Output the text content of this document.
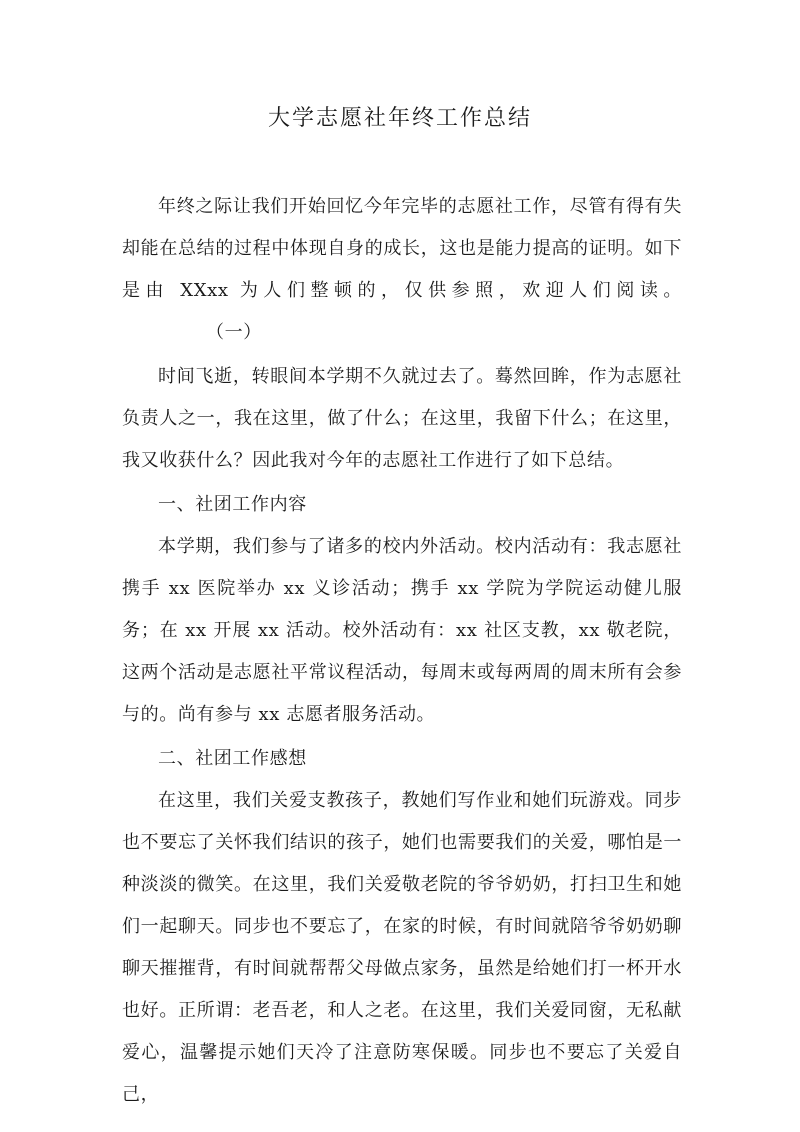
大学志愿社年终工作总结

年终之际让我们开始回忆今年完毕的志愿社工作，尽管有得有失却能在总结的过程中体现自身的成长，这也是能力提高的证明。如下是由 XXxx 为人们整顿的，仅供参照，欢迎人们阅读。（一）

时间飞逝，转眼间本学期不久就过去了。蓦然回眸，作为志愿社负责人之一，我在这里，做了什么；在这里，我留下什么；在这里，我又收获什么？因此我对今年的志愿社工作进行了如下总结。

一、社团工作内容

本学期，我们参与了诸多的校内外活动。校内活动有：我志愿社携手 xx 医院举办 xx 义诊活动；携手 xx 学院为学院运动健儿服务；在 xx 开展 xx 活动。校外活动有：xx 社区支教，xx 敬老院，这两个活动是志愿社平常议程活动，每周末或每两周的周末所有会参与的。尚有参与 xx 志愿者服务活动。

二、社团工作感想

在这里，我们关爱支教孩子，教她们写作业和她们玩游戏。同步也不要忘了关怀我们结识的孩子，她们也需要我们的关爱，哪怕是一种淡淡的微笑。在这里，我们关爱敬老院的爷爷奶奶，打扫卫生和她们一起聊天。同步也不要忘了，在家的时候，有时间就陪爷爷奶奶聊聊天摧摧背，有时间就帮帮父母做点家务，虽然是给她们打一杯开水也好。正所谓：老吾老，和人之老。在这里，我们关爱同窗，无私献爱心，温馨提示她们天冷了注意防寒保暖。同步也不要忘了关爱自己，
